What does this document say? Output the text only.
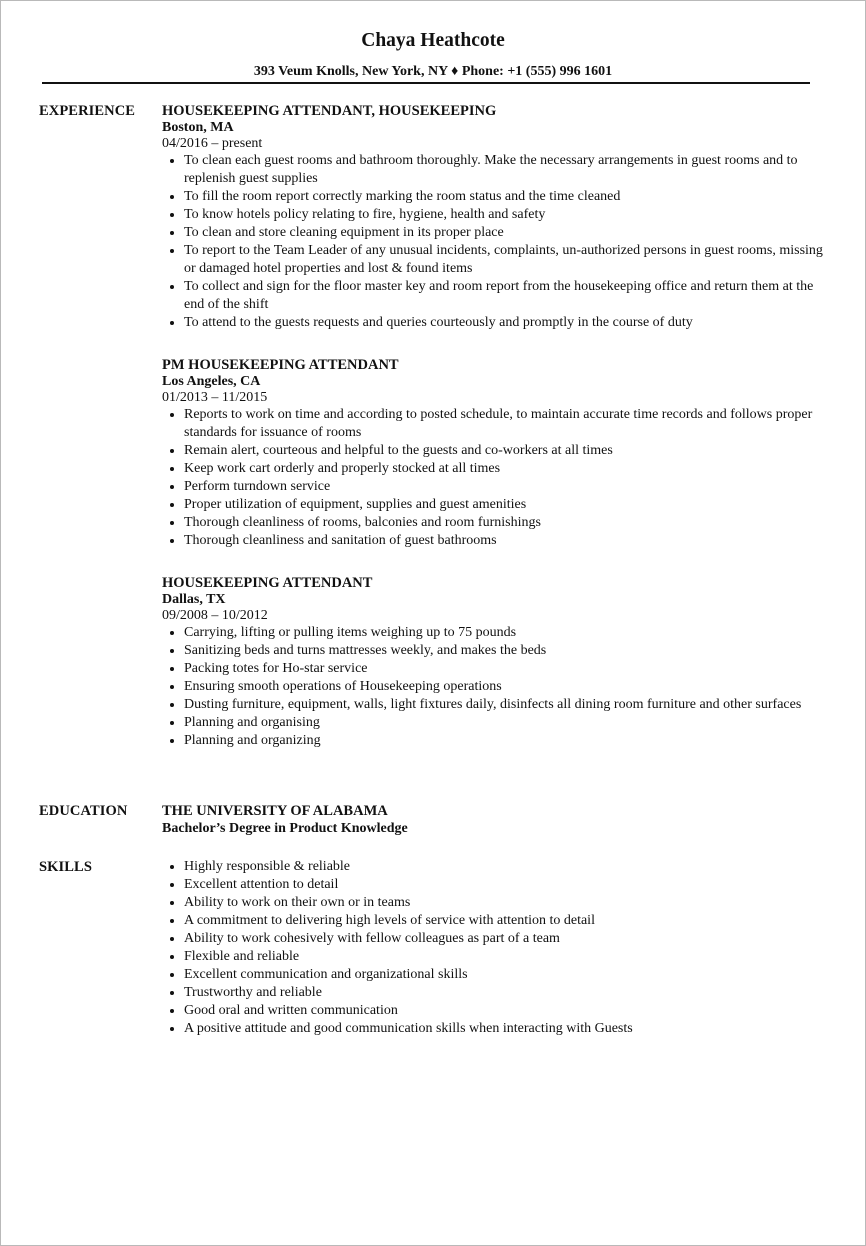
Chaya Heathcote
393 Veum Knolls, New York, NY ♦ Phone: +1 (555) 996 1601
EXPERIENCE HOUSEKEEPING ATTENDANT, HOUSEKEEPING
Boston, MA
04/2016 – present
• To clean each guest rooms and bathroom thoroughly. Make the necessary arrangements in guest rooms and to replenish guest supplies
• To fill the room report correctly marking the room status and the time cleaned
• To know hotels policy relating to fire, hygiene, health and safety
• To clean and store cleaning equipment in its proper place
• To report to the Team Leader of any unusual incidents, complaints, un-authorized persons in guest rooms, missing or damaged hotel properties and lost & found items
• To collect and sign for the floor master key and room report from the housekeeping office and return them at the end of the shift
• To attend to the guests requests and queries courteously and promptly in the course of duty
PM HOUSEKEEPING ATTENDANT
Los Angeles, CA
01/2013 – 11/2015
• Reports to work on time and according to posted schedule, to maintain accurate time records and follows proper standards for issuance of rooms
• Remain alert, courteous and helpful to the guests and co-workers at all times
• Keep work cart orderly and properly stocked at all times
• Perform turndown service
• Proper utilization of equipment, supplies and guest amenities
• Thorough cleanliness of rooms, balconies and room furnishings
• Thorough cleanliness and sanitation of guest bathrooms
HOUSEKEEPING ATTENDANT
Dallas, TX
09/2008 – 10/2012
• Carrying, lifting or pulling items weighing up to 75 pounds
• Sanitizing beds and turns mattresses weekly, and makes the beds
• Packing totes for Ho-star service
• Ensuring smooth operations of Housekeeping operations
• Dusting furniture, equipment, walls, light fixtures daily, disinfects all dining room furniture and other surfaces
• Planning and organising
• Planning and organizing
EDUCATION THE UNIVERSITY OF ALABAMA
Bachelor’s Degree in Product Knowledge
SKILLS
•	Highly responsible & reliable
• Excellent attention to detail
• Ability to work on their own or in teams
• A commitment to delivering high levels of service with attention to detail
• Ability to work cohesively with fellow colleagues as part of a team
• Flexible and reliable
• Excellent communication and organizational skills
• Trustworthy and reliable
• Good oral and written communication
• A positive attitude and good communication skills when interacting with Guests
